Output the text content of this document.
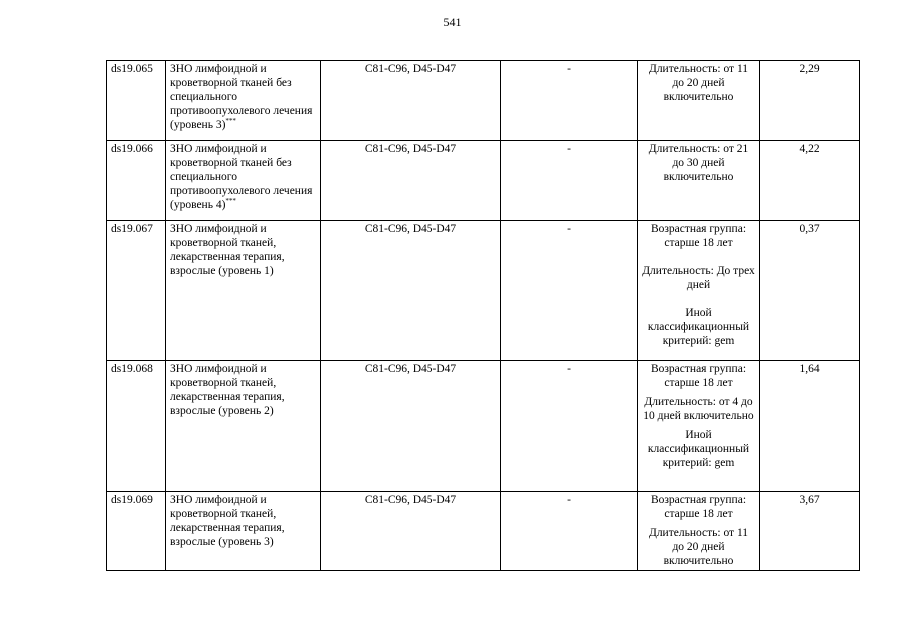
541
ds19.065	ЗНО лимфоидной и кроветворной тканей без специального противоопухолевого лечения (уровень 3)***	C81-C96, D45-D47	-	Длительность: от 11 до 20 дней включительно	2,29
ds19.066	ЗНО лимфоидной и кроветворной тканей без специального противоопухолевого лечения (уровень 4)***	C81-C96, D45-D47	-	Длительность: от 21 до 30 дней включительно	4,22
ds19.067	ЗНО лимфоидной и кроветворной тканей, лекарственная терапия, взрослые (уровень 1)	C81-C96, D45-D47	-	Возрастная группа: старше 18 лет
Длительность: До трех дней
Иной классификационный критерий: gem	0,37
ds19.068	ЗНО лимфоидной и кроветворной тканей, лекарственная терапия, взрослые (уровень 2)	C81-C96, D45-D47	-	Возрастная группа: старше 18 лет
Длительность: от 4 до 10 дней включительно
Иной классификационный критерий: gem	1,64
ds19.069	ЗНО лимфоидной и кроветворной тканей, лекарственная терапия, взрослые (уровень 3)	C81-C96, D45-D47	-	Возрастная группа: старше 18 лет
Длительность: от 11 до 20 дней включительно	3,67
